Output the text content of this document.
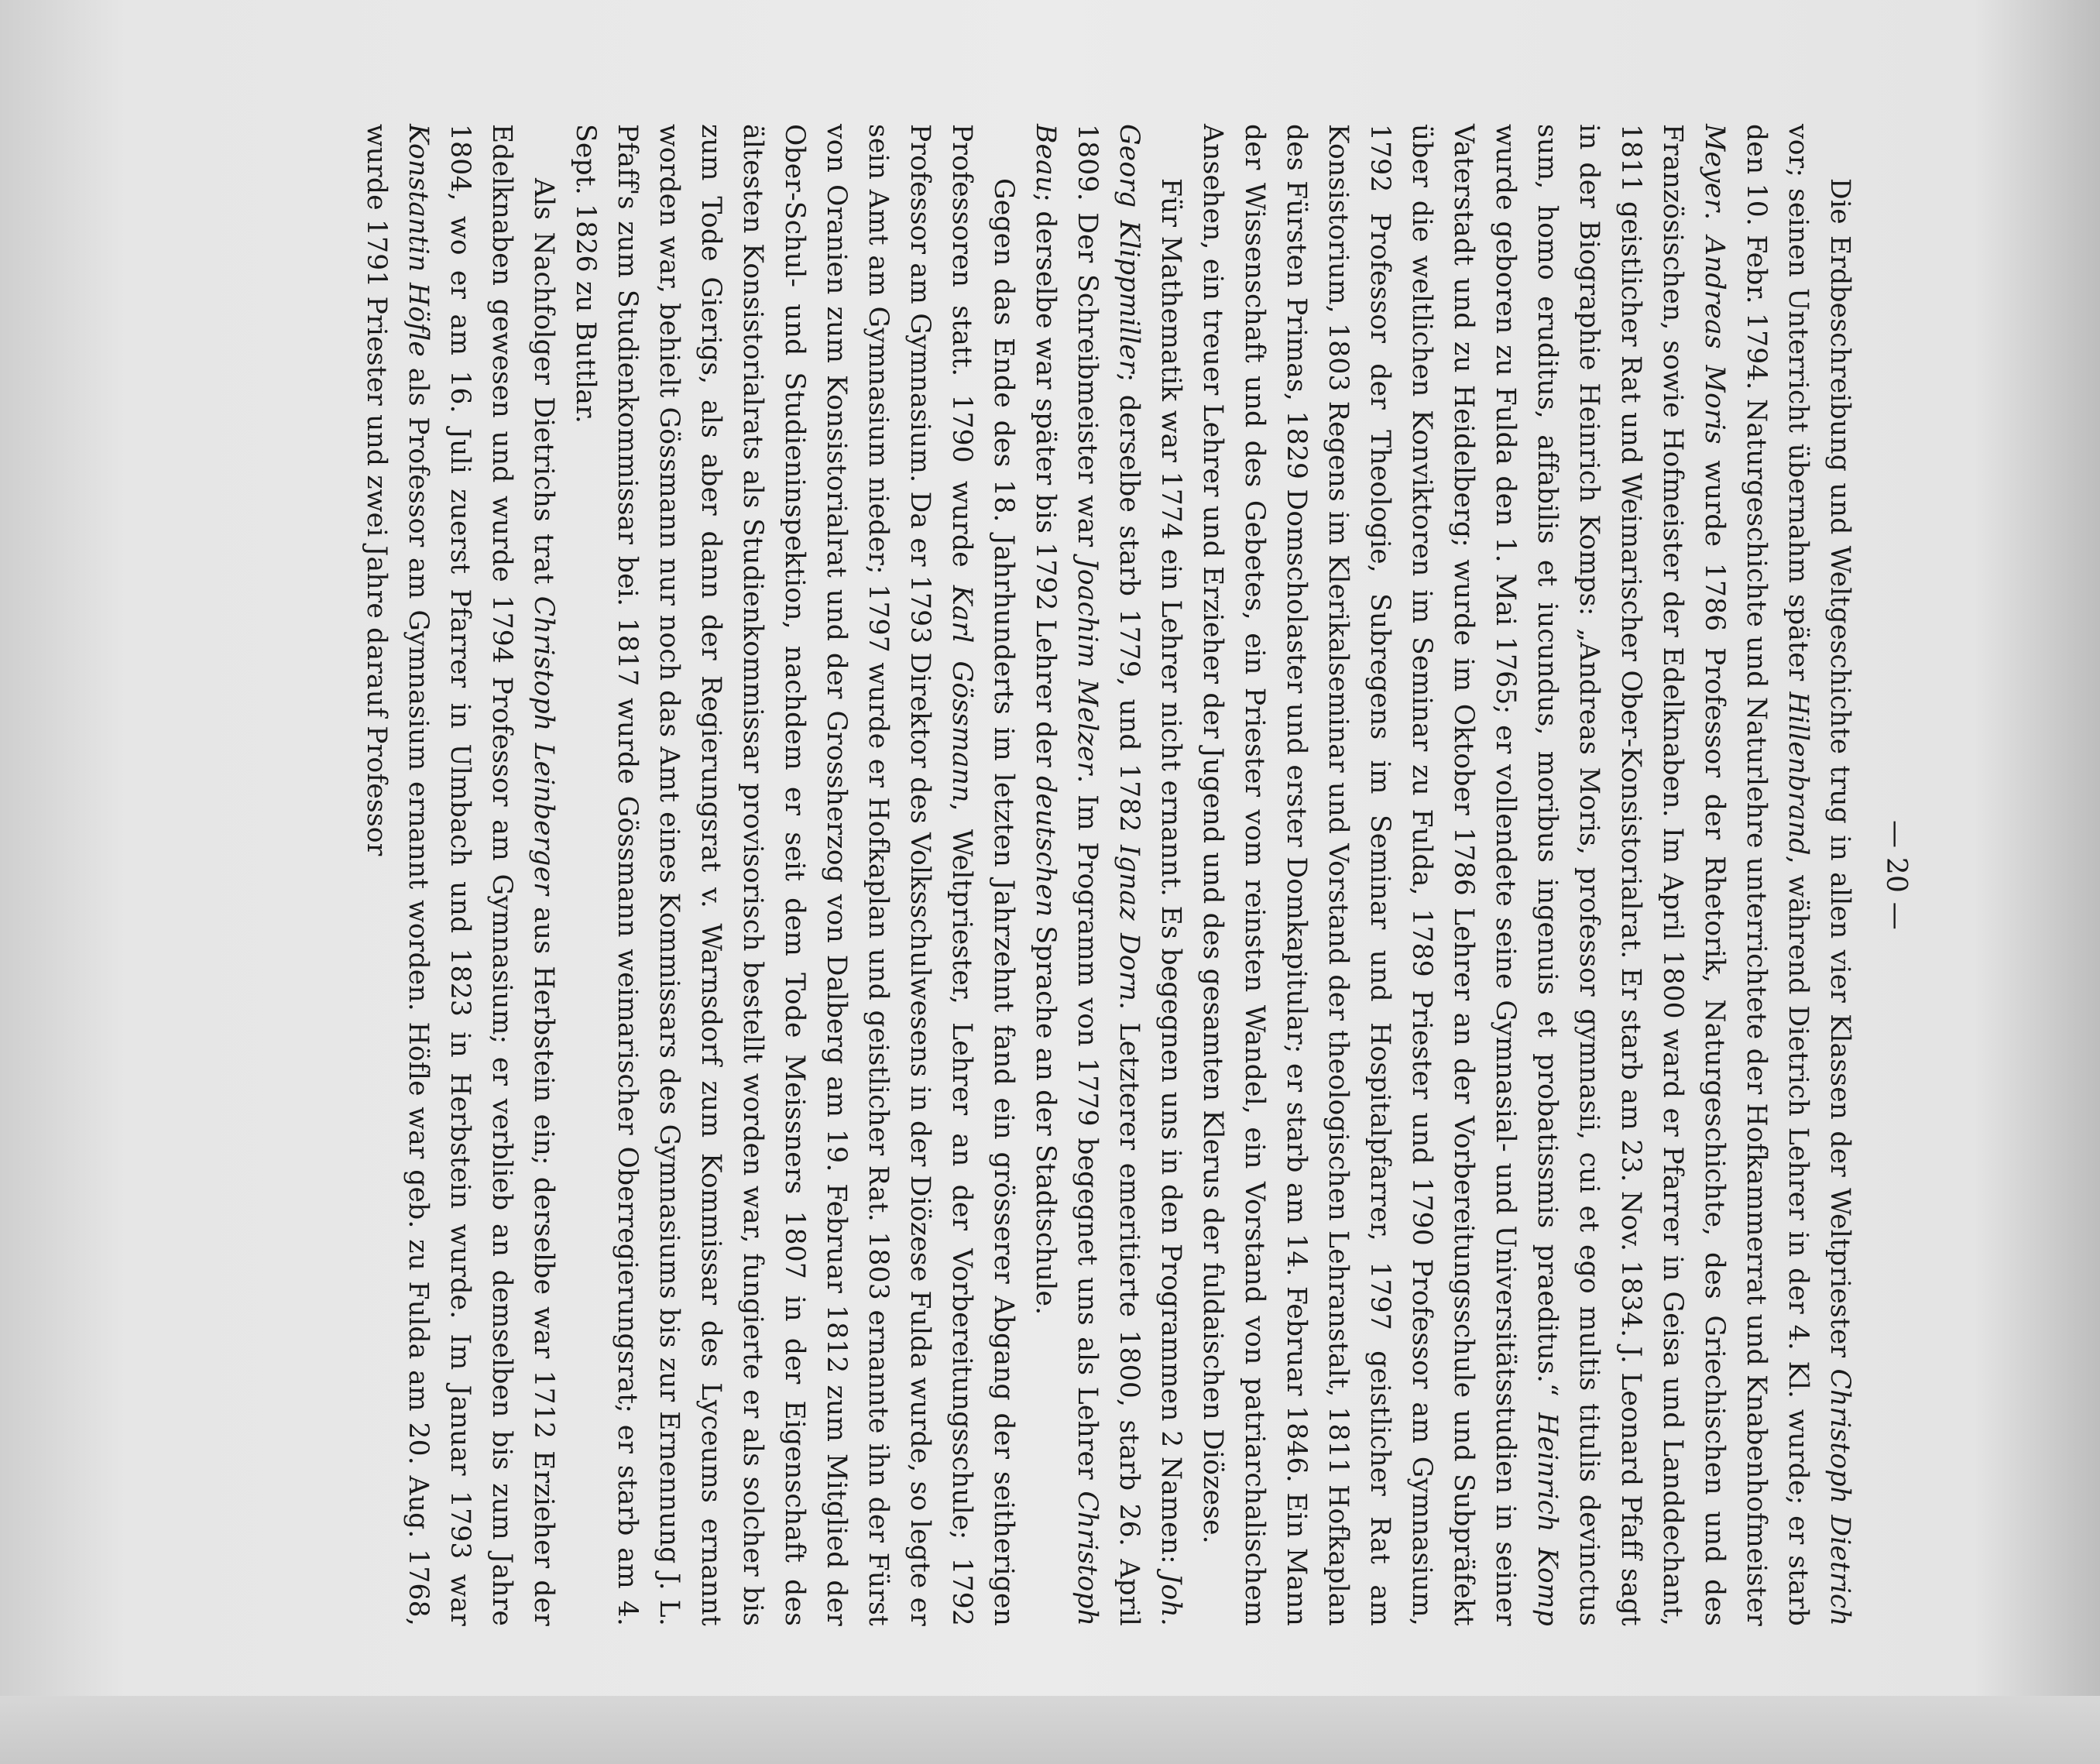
— 20 —

Die Erdbeschreibung und Weltgeschichte trug in allen vier Klassen der Weltpriester Christoph Dietrich vor; seinen Unterricht übernahm später Hillenbrand, während Dietrich Lehrer in der 4. Kl. wurde; er starb den 10. Febr. 1794. Naturgeschichte und Naturlehre unterrichtete der Hofkammerrat und Knabenhofmeister Meyer. Andreas Moris wurde 1786 Professor der Rhetorik, Naturgeschichte, des Griechischen und des Französischen, sowie Hofmeister der Edelknaben. Im April 1800 ward er Pfarrer in Geisa und Landdechant, 1811 geistlicher Rat und Weimarischer Ober-Konsistorialrat. Er starb am 23. Nov. 1834. J. Leonard Pfaff sagt in der Biographie Heinrich Komps: „Andreas Moris, professor gymnasii, cui et ego multis titulis devinctus sum, homo eruditus, affabilis et iucundus, moribus ingenuis et probatissmis praeditus.“ Heinrich Komp wurde geboren zu Fulda den 1. Mai 1765; er vollendete seine Gymnasial- und Universitätsstudien in seiner Vaterstadt und zu Heidelberg; wurde im Oktober 1786 Lehrer an der Vorbereitungsschule und Subpräfekt über die weltlichen Konviktoren im Seminar zu Fulda, 1789 Priester und 1790 Professor am Gymnasium, 1792 Professor der Theologie, Subregens im Seminar und Hospitalpfarrer, 1797 geistlicher Rat am Konsistorium, 1803 Regens im Klerikalseminar und Vorstand der theologischen Lehranstalt, 1811 Hofkaplan des Fürsten Primas, 1829 Domscholaster und erster Domkapitular; er starb am 14. Februar 1846. Ein Mann der Wissenschaft und des Gebetes, ein Priester vom reinsten Wandel, ein Vorstand von patriarchalischem Ansehen, ein treuer Lehrer und Erzieher der Jugend und des gesamten Klerus der fuldaischen Diözese.

Für Mathematik war 1774 ein Lehrer nicht ernannt. Es begegnen uns in den Programmen 2 Namen: Joh. Georg Klippmiller; derselbe starb 1779, und 1782 Ignaz Dorn. Letzterer emeritierte 1800, starb 26. April 1809. Der Schreibmeister war Joachim Melzer. Im Programm von 1779 begegnet uns als Lehrer Christoph Beau; derselbe war später bis 1792 Lehrer der deutschen Sprache an der Stadtschule.

Gegen das Ende des 18. Jahrhunderts im letzten Jahrzehnt fand ein grösserer Abgang der seitherigen Professoren statt. 1790 wurde Karl Gössmann, Weltpriester, Lehrer an der Vorbereitungsschule; 1792 Professor am Gymnasium. Da er 1793 Direktor des Volksschulwesens in der Diözese Fulda wurde, so legte er sein Amt am Gymnasium nieder; 1797 wurde er Hofkaplan und geistlicher Rat. 1803 ernannte ihn der Fürst von Oranien zum Konsistorialrat und der Grossherzog von Dalberg am 19. Februar 1812 zum Mitglied der Ober-Schul- und Studieninspektion, nachdem er seit dem Tode Meissners 1807 in der Eigenschaft des ältesten Konsistorialrats als Studienkommissar provisorisch bestellt worden war, fungierte er als solcher bis zum Tode Gierigs, als aber dann der Regierungsrat v. Warnsdorf zum Kommissar des Lyceums ernannt worden war, behielt Gössmann nur noch das Amt eines Kommissars des Gymnasiums bis zur Ernennung J. L. Pfaff's zum Studienkommissar bei. 1817 wurde Gössmann weimarischer Oberregierungsrat; er starb am 4. Sept. 1826 zu Buttlar.

Als Nachfolger Dietrichs trat Christoph Leinberger aus Herbstein ein; derselbe war 1712 Erzieher der Edelknaben gewesen und wurde 1794 Professor am Gymnasium; er verblieb an demselben bis zum Jahre 1804, wo er am 16. Juli zuerst Pfarrer in Ulmbach und 1823 in Herbstein wurde. Im Januar 1793 war Konstantin Höfle als Professor am Gymnasium ernannt worden. Höfle war geb. zu Fulda am 20. Aug. 1768, wurde 1791 Priester und zwei Jahre darauf Professor
